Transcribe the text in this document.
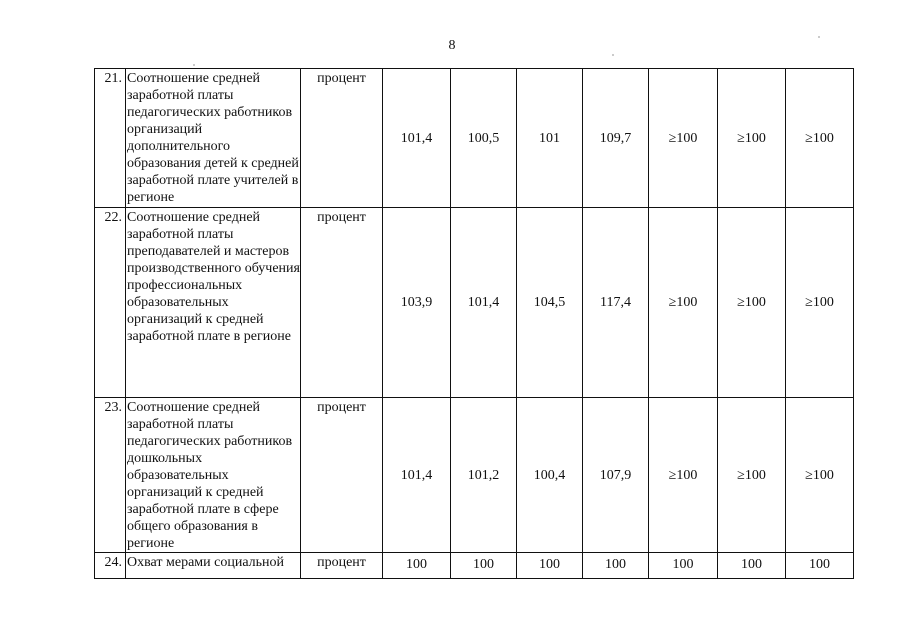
8
21.	Соотношение средней заработной платы педагогических работников организаций дополнительного образования детей к средней заработной плате учителей в регионе	процент	101,4	100,5	101	109,7	≥100	≥100	≥100
22.	Соотношение средней заработной платы преподавателей и мастеров производственного обучения профессиональных образовательных организаций к средней заработной плате в регионе	процент	103,9	101,4	104,5	117,4	≥100	≥100	≥100
23.	Соотношение средней заработной платы педагогических работников дошкольных образовательных организаций к средней заработной плате в сфере общего образования в регионе	процент	101,4	101,2	100,4	107,9	≥100	≥100	≥100
24.	Охват мерами социальной	процент	100	100	100	100	100	100	100
